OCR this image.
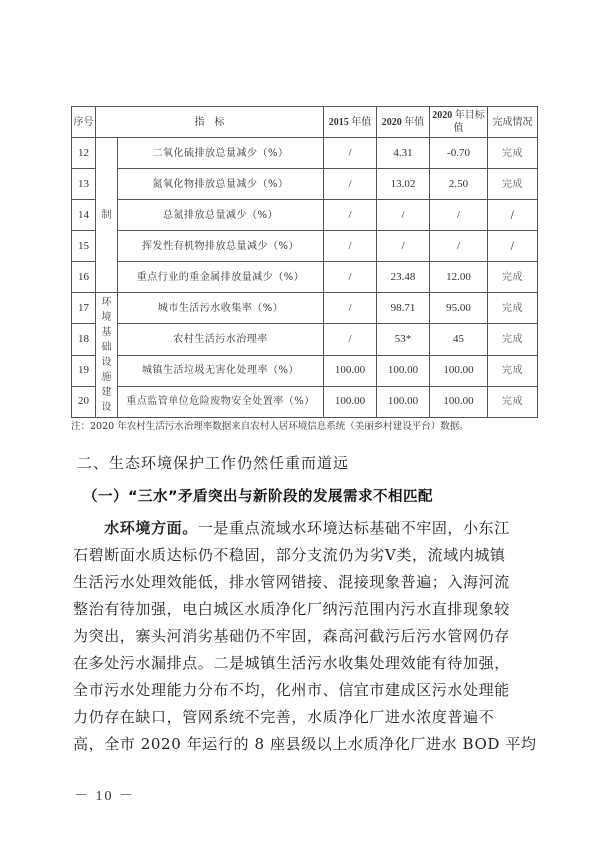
序号	指　标		2015 年值	2020 年值	2020 年目标值	完成情况
12	制	二氧化硫排放总量减少（%）	/	4.31	-0.70	完成
13		氮氧化物排放总量减少（%）	/	13.02	2.50	完成
14		总氮排放总量减少（%）	/	/	/	/
15		挥发性有机物排放总量减少（%）	/	/	/	/
16		重点行业的重金属排放量减少（%）	/	23.48	12.00	完成
17	环境基础设施建设	城市生活污水收集率（%）	/	98.71	95.00	完成
18		农村生活污水治理率	/	53*	45	完成
19		城镇生活垃圾无害化处理率（%）	100.00	100.00	100.00	完成
20		重点监管单位危险废物安全处置率（%）	100.00	100.00	100.00	完成
注：2020 年农村生活污水治理率数据来自农村人居环境信息系统（美丽乡村建设平台）数据。
二、生态环境保护工作仍然任重而道远
（一）“三水”矛盾突出与新阶段的发展需求不相匹配
　　水环境方面。一是重点流域水环境达标基础不牢固，小东江
石碧断面水质达标仍不稳固，部分支流仍为劣Ⅴ类，流域内城镇
生活污水处理效能低，排水管网错接、混接现象普遍；入海河流
整治有待加强，电白城区水质净化厂纳污范围内污水直排现象较
为突出，寨头河消劣基础仍不牢固，森高河截污后污水管网仍存
在多处污水漏排点。二是城镇生活污水收集处理效能有待加强，
全市污水处理能力分布不均，化州市、信宜市建成区污水处理能
力仍存在缺口，管网系统不完善，水质净化厂进水浓度普遍不
高，全市 2020 年运行的 8 座县级以上水质净化厂进水 BOD 平均
－ 10 －
